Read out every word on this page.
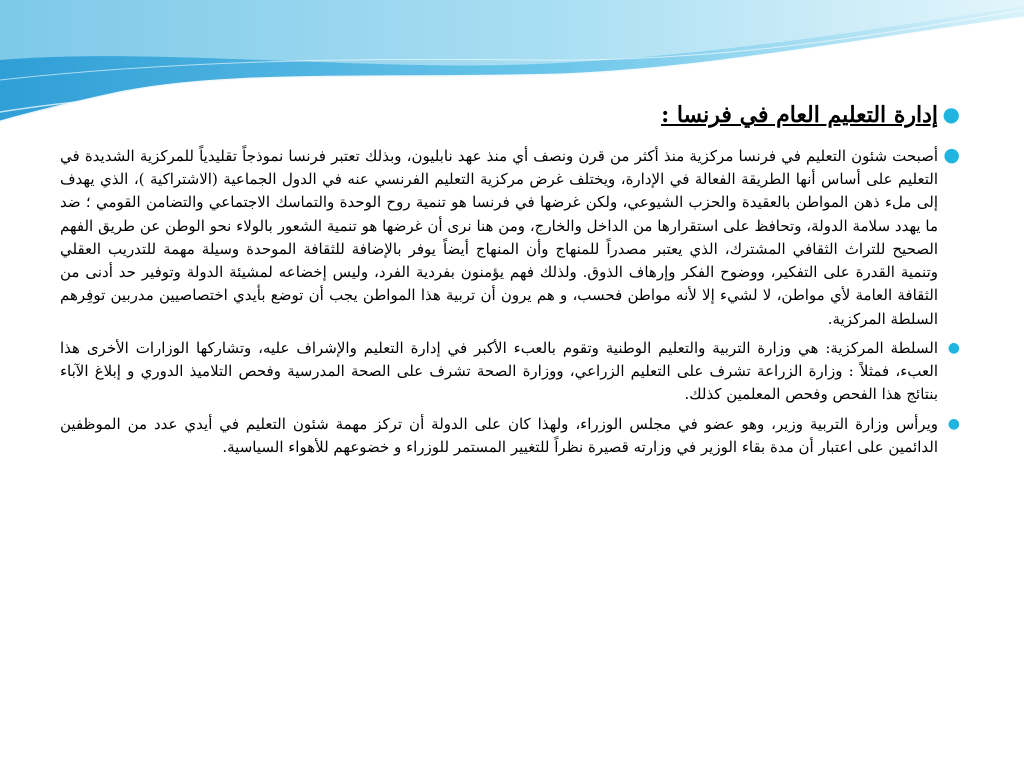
●
إدارة التعليم العام في فرنسا :
●
أصبحت شئون التعليم في فرنسا مركزية منذ أكثر من قرن ونصف أي منذ عهد نابليون، وبذلك تعتبر فرنسا نموذجاً تقليدياً للمركزية الشديدة في التعليم على أساس أنها الطريقة الفعالة في الإدارة، ويختلف غرض مركزية التعليم الفرنسي عنه في الدول الجماعية (الاشتراكية )، الذي يهدف إلى ملء ذهن المواطن بالعقيدة والحزب الشيوعي، ولكن غرضها في فرنسا هو تنمية روح الوحدة والتماسك الاجتماعي والتضامن القومي ؛ ضد ما يهدد سلامة الدولة، وتحافظ على استقرارها من الداخل والخارج، ومن هنا نرى أن غرضها هو تنمية الشعور بالولاء نحو الوطن عن طريق الفهم الصحيح للتراث الثقافي المشترك، الذي يعتبر مصدراً للمنهاج وأن المنهاج أيضاً يوفر بالإضافة للثقافة الموحدة وسيلة مهمة للتدريب العقلي وتنمية القدرة على التفكير، ووضوح الفكر وإرهاف الذوق. ولذلك فهم يؤمنون بفردية الفرد، وليس إخضاعه لمشيئة الدولة وتوفير حد أدنى من الثقافة العامة لأي مواطن، لا لشيء إلا لأنه مواطن فحسب، و هم يرون أن تربية هذا المواطن يجب أن توضع بأيدي اختصاصيين مدربين توفِرهم السلطة المركزية.
●
السلطة المركزية: هي وزارة التربية والتعليم الوطنية وتقوم بالعبء الأكبر في إدارة التعليم والإشراف عليه، وتشاركها الوزارات الأخرى هذا العبء، فمثلاً : وزارة الزراعة تشرف على التعليم الزراعي، ووزارة الصحة تشرف على الصحة المدرسية وفحص التلاميذ الدوري و إبلاغ الآباء بنتائج هذا الفحص وفحص المعلمين كذلك.
●
ويرأس وزارة التربية وزير، وهو عضو في مجلس الوزراء، ولهذا كان على الدولة أن تركز مهمة شئون التعليم في أيدي عدد من الموظفين الدائمين على اعتبار أن مدة بقاء الوزير في وزارته قصيرة نظراً للتغيير المستمر للوزراء و خضوعهم للأهواء السياسية.
